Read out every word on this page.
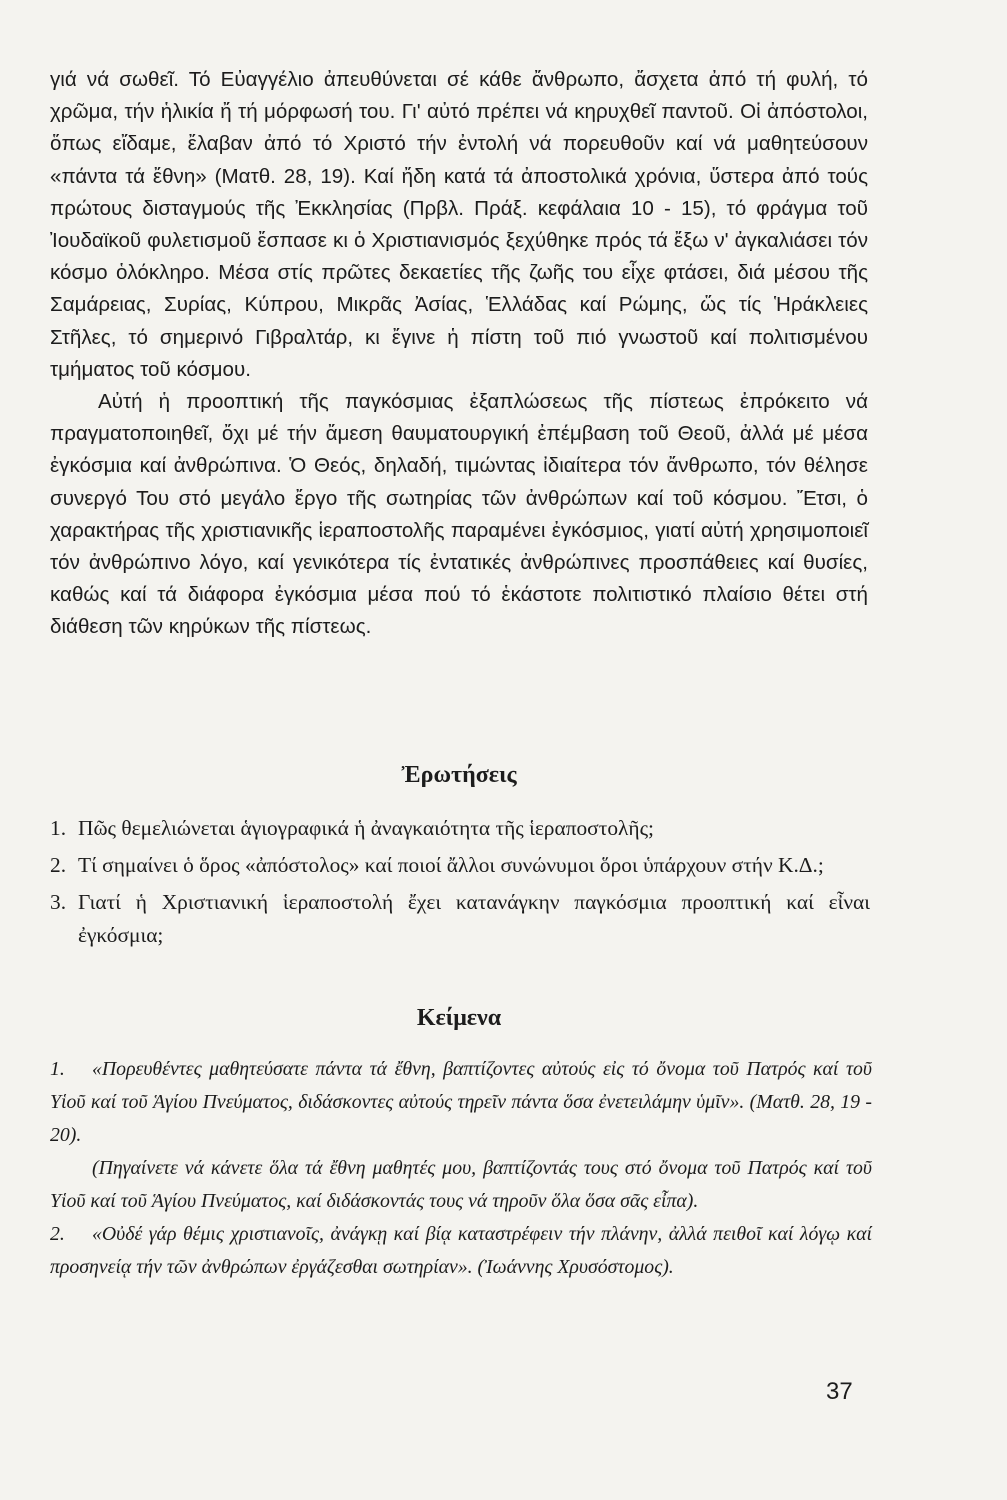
γιά νά σωθεῖ. Τό Εὐαγγέλιο ἀπευθύνεται σέ κάθε ἄνθρωπο, ἄσχετα ἀπό τή φυλή, τό χρῶμα, τήν ἡλικία ἤ τή μόρφωσή του. Γι' αὐτό πρέπει νά κηρυχθεῖ παντοῦ. Οἱ ἀπόστολοι, ὅπως εἴδαμε, ἔλαβαν ἀπό τό Χριστό τήν ἐντολή νά πορευθοῦν καί νά μαθητεύσουν «πάντα τά ἔθνη» (Ματθ. 28, 19). Καί ἤδη κατά τά ἀποστολικά χρόνια, ὕστερα ἀπό τούς πρώτους δισταγμούς τῆς Ἐκκλησίας (Πρβλ. Πράξ. κεφάλαια 10 - 15), τό φράγμα τοῦ Ἰουδαϊκοῦ φυλετισμοῦ ἔσπασε κι ὁ Χριστιανισμός ξεχύθηκε πρός τά ἔξω ν' ἀγκαλιάσει τόν κόσμο ὁλόκληρο. Μέσα στίς πρῶτες δεκαετίες τῆς ζωῆς του εἶχε φτάσει, διά μέσου τῆς Σαμάρειας, Συρίας, Κύπρου, Μικρᾶς Ἀσίας, Ἑλλάδας καί Ρώμης, ὥς τίς Ἡράκλειες Στῆλες, τό σημερινό Γιβραλτάρ, κι ἔγινε ἡ πίστη τοῦ πιό γνωστοῦ καί πολιτισμένου τμήματος τοῦ κόσμου.

Αὐτή ἡ προοπτική τῆς παγκόσμιας ἐξαπλώσεως τῆς πίστεως ἐπρόκειτο νά πραγματοποιηθεῖ, ὄχι μέ τήν ἄμεση θαυματουργική ἐπέμβαση τοῦ Θεοῦ, ἀλλά μέ μέσα ἐγκόσμια καί ἀνθρώπινα. Ὁ Θεός, δηλαδή, τιμώντας ἰδιαίτερα τόν ἄνθρωπο, τόν θέλησε συνεργό Του στό μεγάλο ἔργο τῆς σωτηρίας τῶν ἀνθρώπων καί τοῦ κόσμου. Ἔτσι, ὁ χαρακτήρας τῆς χριστιανικῆς ἱεραποστολῆς παραμένει ἐγκόσμιος, γιατί αὐτή χρησιμοποιεῖ τόν ἀνθρώπινο λόγο, καί γενικότερα τίς ἐντατικές ἀνθρώπινες προσπάθειες καί θυσίες, καθώς καί τά διάφορα ἐγκόσμια μέσα πού τό ἑκάστοτε πολιτιστικό πλαίσιο θέτει στή διάθεση τῶν κηρύκων τῆς πίστεως.

Ἐρωτήσεις
1. Πῶς θεμελιώνεται ἁγιογραφικά ἡ ἀναγκαιότητα τῆς ἱεραποστολῆς;
2. Τί σημαίνει ὁ ὅρος «ἀπόστολος» καί ποιοί ἄλλοι συνώνυμοι ὅροι ὑπάρχουν στήν Κ.Δ.;
3. Γιατί ἡ Χριστιανική ἱεραποστολή ἔχει κατανάγκην παγκόσμια προοπτική καί εἶναι ἐγκόσμια;
Κείμενα

1. «Πορευθέντες μαθητεύσατε πάντα τά ἔθνη, βαπτίζοντες αὐτούς εἰς τό ὄνομα τοῦ Πατρός καί τοῦ Υἱοῦ καί τοῦ Ἁγίου Πνεύματος, διδάσκοντες αὐτούς τηρεῖν πάντα ὅσα ἐνετειλάμην ὑμῖν». (Ματθ. 28, 19 - 20).

(Πηγαίνετε νά κάνετε ὅλα τά ἔθνη μαθητές μου, βαπτίζοντάς τους στό ὄνομα τοῦ Πατρός καί τοῦ Υἱοῦ καί τοῦ Ἁγίου Πνεύματος, καί διδάσκοντάς τους νά τηροῦν ὅλα ὅσα σᾶς εἶπα).

2. «Οὐδέ γάρ θέμις χριστιανοῖς, ἀνάγκῃ καί βίᾳ καταστρέφειν τήν πλάνην, ἀλλά πειθοῖ καί λόγῳ καί προσηνείᾳ τήν τῶν ἀνθρώπων ἐργάζεσθαι σωτηρίαν». (Ἰωάννης Χρυσόστομος).

37
